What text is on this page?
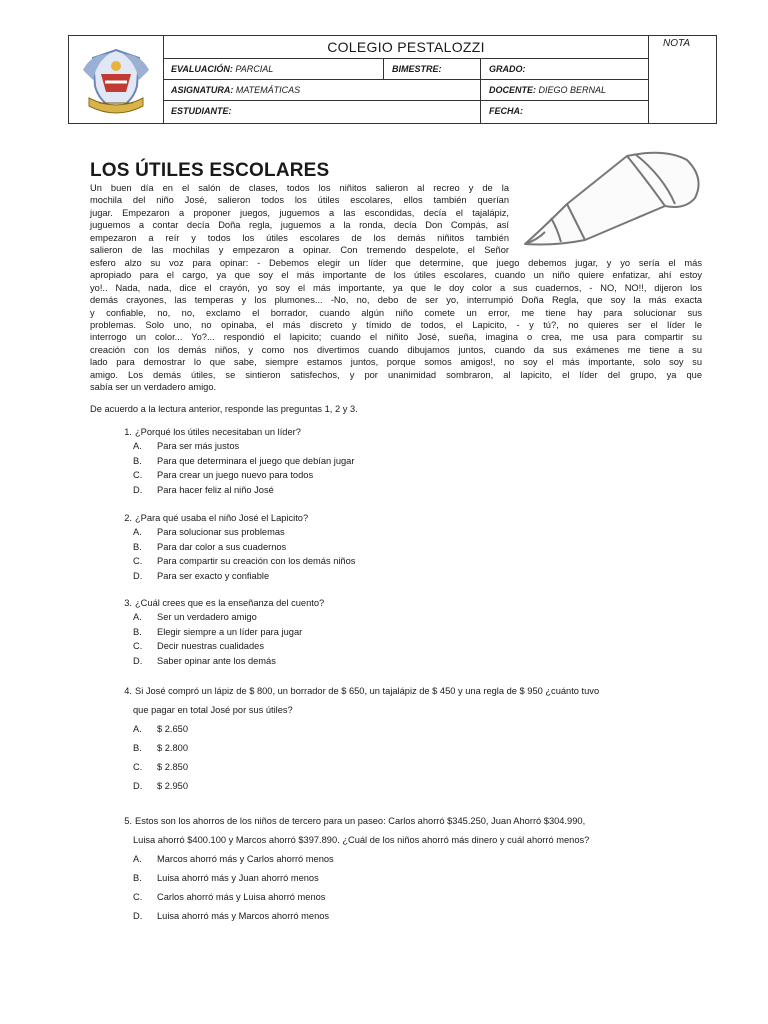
COLEGIO PESTALOZZI
EVALUACIÓN: PARCIAL	BIMESTRE:	GRADO:
ASIGNATURA: MATEMÁTICAS	DOCENTE: DIEGO BERNAL
ESTUDIANTE:	FECHA:
NOTA
LOS ÚTILES ESCOLARES
Un buen día en el salón de clases, todos los niñitos salieron al recreo y de la
mochila del niño José, salieron todos los útiles escolares, ellos también querían
jugar. Empezaron a proponer juegos, juguemos a las escondidas, decía el tajalápiz,
juguemos a contar decía Doña regla, juguemos a la ronda, decía Don Compás, así
empezaron a reír y todos los útiles escolares de los demás niñitos también
salieron de las mochilas y empezaron a opinar. Con tremendo despelote, el Señor
esfero alzo su voz para opinar: - Debemos elegir un líder que determine, que juego debemos jugar, y yo sería el más
apropiado para el cargo, ya que soy el más importante de los útiles escolares, cuando un niño quiere enfatizar, ahí estoy
yo!.. Nada, nada, dice el crayón, yo soy el más importante, ya que le doy color a sus cuadernos, - NO, NO!!, dijeron los
demás crayones, las temperas y los plumones... -No, no, debo de ser yo, interrumpió Doña Regla, que soy la más exacta
y confiable, no, no, exclamo el borrador, cuando algún niño comete un error, me tiene hay para solucionar sus
problemas. Solo uno, no opinaba, el más discreto y tímido de todos, el Lapicito, - y tú?, no quieres ser el líder le
interrogo un color... Yo?... respondió el lapicito; cuando el niñito José, sueña, imagina o crea, me usa para compartir su
creación con los demás niños, y como nos divertimos cuando dibujamos juntos, cuando da sus exámenes me tiene a su
lado para demostrar lo que sabe, siempre estamos juntos, porque somos amigos!, no soy el más importante, solo soy su
amigo. Los demás útiles, se sintieron satisfechos, y por unanimidad sombraron, al lapicito, el líder del grupo, ya que
sabía ser un verdadero amigo.
De acuerdo a la lectura anterior, responde las preguntas 1, 2 y 3.
1. ¿Porqué los útiles necesitaban un líder?
A. Para ser más justos
B. Para que determinara el juego que debían jugar
C. Para crear un juego nuevo para todos
D. Para hacer feliz al niño José
2. ¿Para qué usaba el niño José el Lapicito?
A. Para solucionar sus problemas
B. Para dar color a sus cuadernos
C. Para compartir su creación con los demás niños
D. Para ser exacto y confiable
3. ¿Cuál crees que es la enseñanza del cuento?
A. Ser un verdadero amigo
B. Elegir siempre a un líder para jugar
C. Decir nuestras cualidades
D. Saber opinar ante los demás
4. Si José compró un lápiz de $ 800, un borrador de $ 650, un tajalápiz de $ 450 y una regla de $ 950 ¿cuánto tuvo
que pagar en total José por sus útiles?
A. $ 2.650
B. $ 2.800
C. $ 2.850
D. $ 2.950
5. Estos son los ahorros de los niños de tercero para un paseo: Carlos ahorró $345.250, Juan Ahorró $304.990,
Luisa ahorró $400.100 y Marcos ahorró $397.890. ¿Cuál de los niños ahorró más dinero y cuál ahorró menos?
A. Marcos ahorró más y Carlos ahorró menos
B. Luisa ahorró más y Juan ahorró menos
C. Carlos ahorró más y Luisa ahorró menos
D. Luisa ahorró más y Marcos ahorró menos
